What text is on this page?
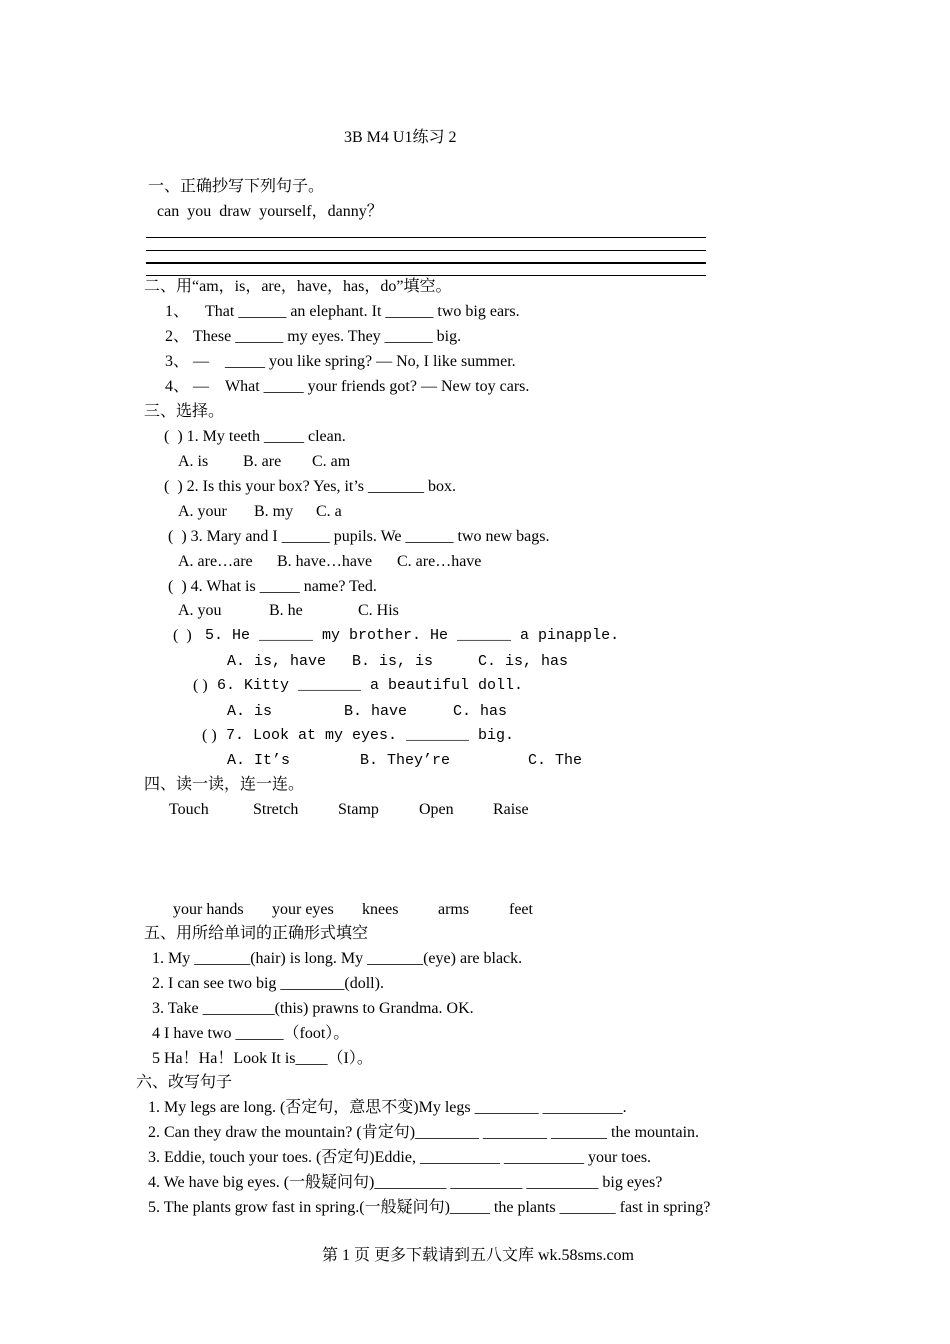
3B M4 U1练习 2
一、正确抄写下列句子。
can  you  draw  yourself，danny？
二、用“am，is，are，have，has，do”填空。
1、    That ______ an elephant. It ______ two big ears.
2、 These ______ my eyes. They ______ big.
3、 —    _____ you like spring? — No, I like summer.
4、 —    What _____ your friends got? — New toy cars.
三、选择。
(  ) 1. My teeth _____ clean.
A. is B. are C. am
(  ) 2. Is this your box? Yes, it’s _______ box.
A. your B. my C. a
(  ) 3. Mary and I ______ pupils. We ______ two new bags.
A. are…are B. have…have C. are…have
(  ) 4. What is _____ name? Ted.
A. you	B. he	C. His
(  ) 5. He ______ my brother. He ______ a pinapple.
A. is, have B. is, is	C. is, has
( ) 6. Kitty _______ a beautiful doll.
A. is	B. have	C. has
( ) 7. Look at my eyes. _______ big.
A. It’s	B. They’re	C. The
四、读一读，连一连。
Touch	Stretch Stamp	Open Raise
your hands your eyes knees arms feet
五、用所给单词的正确形式填空
1. My _______(hair) is long. My _______(eye) are black.
2. I can see two big ________(doll).
3. Take _________(this) prawns to Grandma. OK.
4 I have two ______（foot）。
5 Ha！Ha！Look It is____（I）。
六、改写句子
1. My legs are long. (否定句，意思不变)My legs ________ __________.
2. Can they draw the mountain? (肯定句)________ ________ _______ the mountain.
3. Eddie, touch your toes. (否定句)Eddie, __________ __________ your toes.
4. We have big eyes. (一般疑问句)_________ _________ _________ big eyes?
5. The plants grow fast in spring.(一般疑问句)_____ the plants _______ fast in spring?
第 1 页 更多下载请到五八文库 wk.58sms.com
